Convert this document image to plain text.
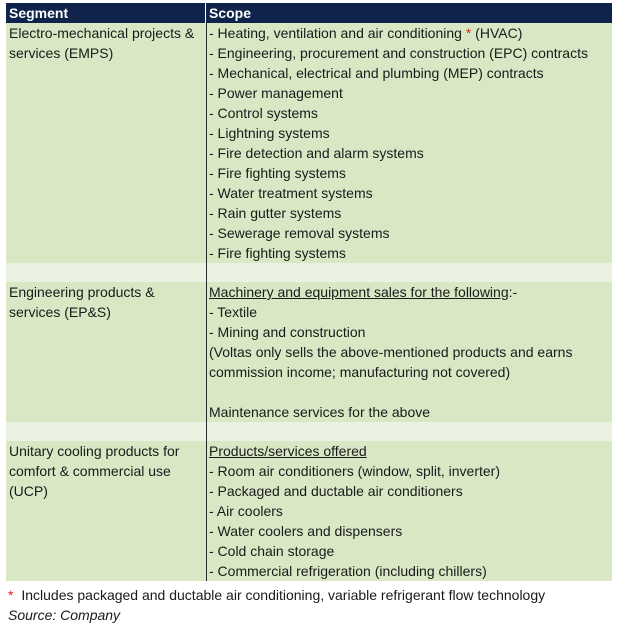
Segment	Scope
Electro-mechanical projects & services (EMPS)
- Heating, ventilation and air conditioning * (HVAC)
- Engineering, procurement and construction (EPC) contracts
- Mechanical, electrical and plumbing (MEP) contracts
- Power management
- Control systems
- Lightning systems
- Fire detection and alarm systems
- Fire fighting systems
- Water treatment systems
- Rain gutter systems
- Sewerage removal systems
- Fire fighting systems
Engineering products & services (EP&S)
Machinery and equipment sales for the following:-
- Textile
- Mining and construction
(Voltas only sells the above-mentioned products and earns
commission income; manufacturing not covered)
Maintenance services for the above
Unitary cooling products for comfort & commercial use (UCP)
Products/services offered
- Room air conditioners (window, split, inverter)
- Packaged and ductable air conditioners
- Air coolers
- Water coolers and dispensers
- Cold chain storage
- Commercial refrigeration (including chillers)
* Includes packaged and ductable air conditioning, variable refrigerant flow technology
Source: Company
